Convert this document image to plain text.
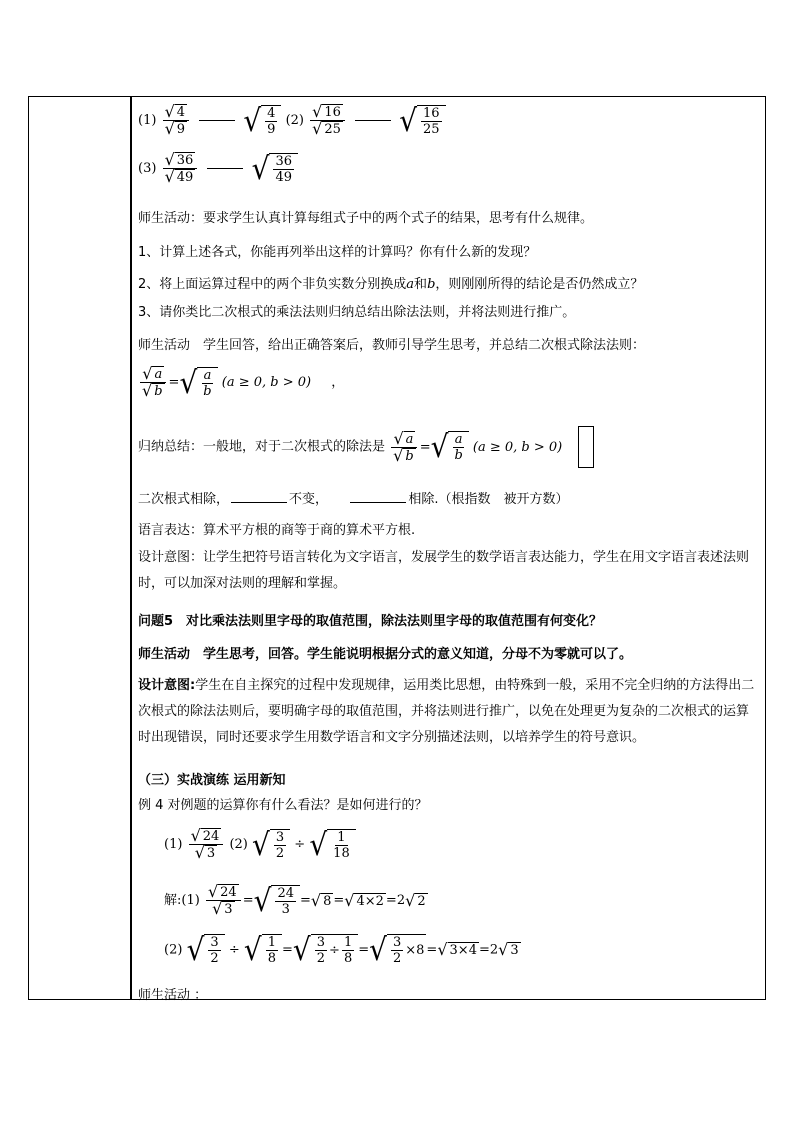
$(1) \frac{√ 4}{√ 9}$
√ $\frac{4}{9} (2) \frac{√ 16}{√ 25}$
√ $\frac{16}{25}$
$(3) \frac{√ 36}{√ 49}$
√ $\frac{36}{49}$
师生活动：要求学生认真计算每组式子中的两个式子的结果，思考有什么规律。
1、计算上述各式，你能再列举出这样的计算吗？你有什么新的发现？
2、将上面运算过程中的两个非负实数分别换成a和b，则刚刚所得的结论是否仍然成立？
3、请你类比二次根式的乘法法则归纳总结出除法法则，并将法则进行推广。
师生活动　学生回答，给出正确答案后，教师引导学生思考，并总结二次根式除法法则：
$\frac{√ a}{√ b}$ = √ $\frac{a}{b} (a \ge 0$, b > 0) ，
归纳总结：一般地，对于二次根式的除法是 $\frac{√ a}{√ b}$ = √ $\frac{a}{b} (a \ge 0$, b > 0)
二次根式相除，	不变，	相除.（根指数　被开方数）
语言表达：算术平方根的商等于商的算术平方根.
设计意图：让学生把符号语言转化为文字语言，发展学生的数学语言表达能力，学生在用文字语言表述法则时，可以加深对法则的理解和掌握。
问题5　对比乘法法则里字母的取值范围，除法法则里字母的取值范围有何变化？
师生活动　学生思考，回答。学生能说明根据分式的意义知道，分母不为零就可以了。
设计意图:学生在自主探究的过程中发现规律，运用类比思想，由特殊到一般，采用不完全归纳的方法得出二次根式的除法法则后，要明确字母的取值范围，并将法则进行推广，以免在处理更为复杂的二次根式的运算时出现错误，同时还要求学生用数学语言和文字分别描述法则，以培养学生的符号意识。
（三）实战演练 运用新知
例 4 对例题的运算你有什么看法？是如何进行的？
$(1) \frac{√ 24}{√ 3} (2)$ √ $\frac{3}{2}$ ÷ √ $\frac{1}{18}$
解:(1) $\frac{√ 24}{√ 3}$ = √ $\frac{24}{3}$ = √ 8 = √ 4×2 =2 √ 2
(2) √ $\frac{3}{2}$ ÷ √ $\frac{1}{8}$ = √ $\frac{3}{2} \div \frac{1}{8}$ = √ $\frac{3}{2} \times 8$ = √ 3×4 =2 √ 3
师生活动 ：
